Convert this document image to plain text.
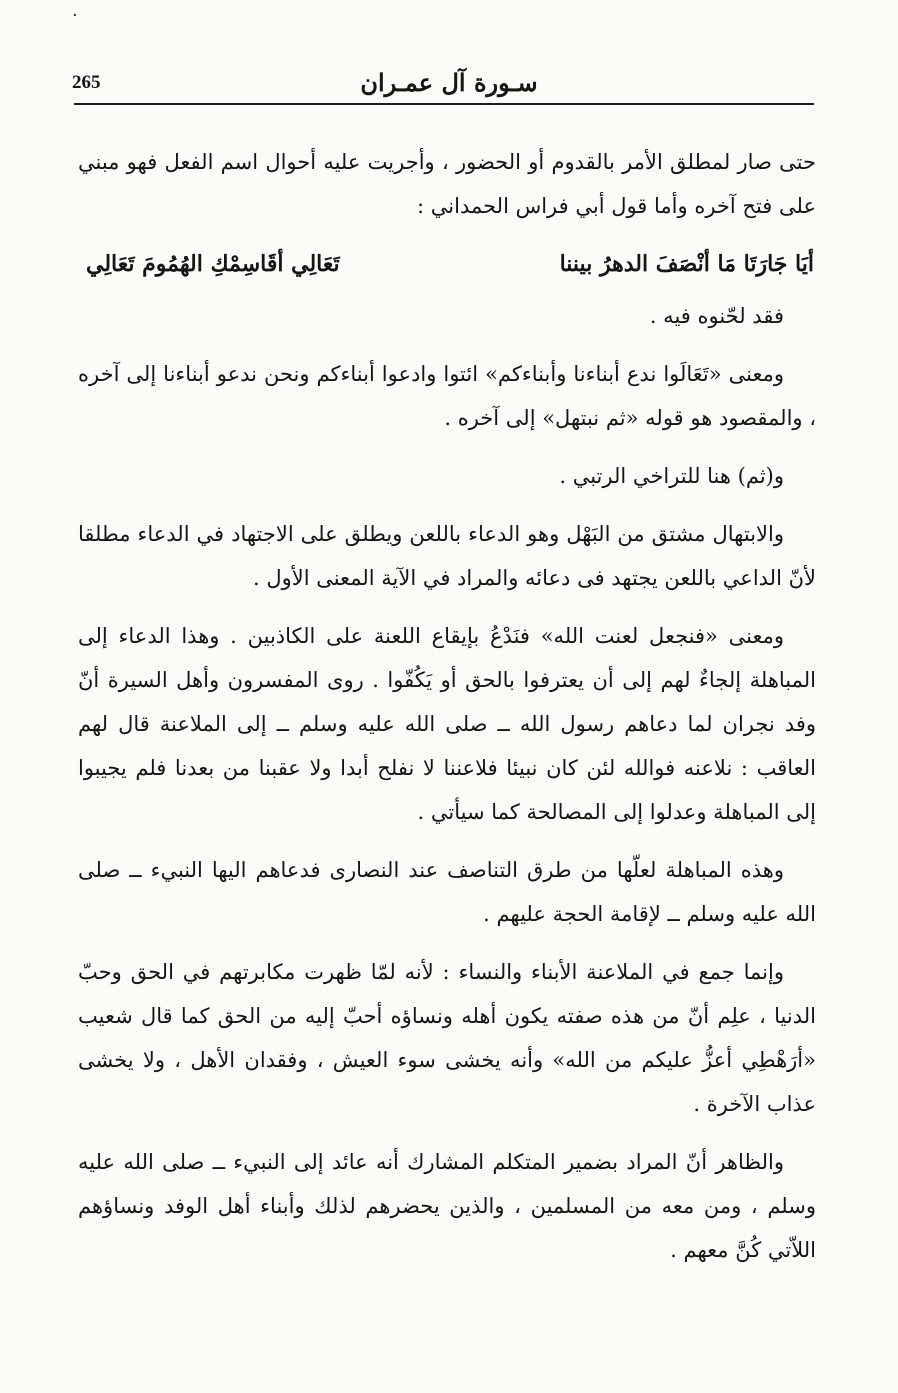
٠
265	سـورة آل عمـران

حتى صار لمطلق الأمر بالقدوم أو الحضور ، وأجريت عليه أحوال اسم الفعل فهو مبني على فتح آخره وأما قول أبي فراس الحمداني :

أيَا جَارَتَا مَا أنْصَفَ الدهرُ بيننا
تَعَالِي أقَاسِمْكِ الهُمُومَ تَعَالِي

فقد لحّنوه فيه .

ومعنى «تَعَالَوا ندع أبناءنا وأبناءكم» ائتوا وادعوا أبناءكم ونحن ندعو أبناءنا إلى آخره ، والمقصود هو قوله «ثم نبتهل» إلى آخره .

و(ثم) هنا للتراخي الرتبي .

والابتهال مشتق من البَهْل وهو الدعاء باللعن ويطلق على الاجتهاد في الدعاء مطلقا لأنّ الداعي باللعن يجتهد فى دعائه والمراد في الآية المعنى الأول .

ومعنى «فنجعل لعنت الله» فنَدْعُ بإيقاع اللعنة على الكاذبين . وهذا الدعاء إلى المباهلة إلجاءٌ لهم إلى أن يعترفوا بالحق أو يَكُفّوا . روى المفسرون وأهل السيرة أنّ وفد نجران لما دعاهم رسول الله ــ صلى الله عليه وسلم ــ إلى الملاعنة قال لهم العاقب : نلاعنه فوالله لئن كان نبيئا فلاعننا لا نفلح أبدا ولا عقبنا من بعدنا فلم يجيبوا إلى المباهلة وعدلوا إلى المصالحة كما سيأتي .

وهذه المباهلة لعلّها من طرق التناصف عند النصارى فدعاهم اليها النبيء ــ صلى الله عليه وسلم ــ لإقامة الحجة عليهم .

وإنما جمع في الملاعنة الأبناء والنساء : لأنه لمّا ظهرت مكابرتهم في الحق وحبّ الدنيا ، علِم أنّ من هذه صفته يكون أهله ونساؤه أحبّ إليه من الحق كما قال شعيب «أرَهْطِي أعزُّ عليكم من الله» وأنه يخشى سوء العيش ، وفقدان الأهل ، ولا يخشى عذاب الآخرة .

والظاهر أنّ المراد بضمير المتكلم المشارك أنه عائد إلى النبيء ــ صلى الله عليه وسلم ، ومن معه من المسلمين ، والذين يحضرهم لذلك وأبناء أهل الوفد ونساؤهم اللاّتي كُنَّ معهم .
